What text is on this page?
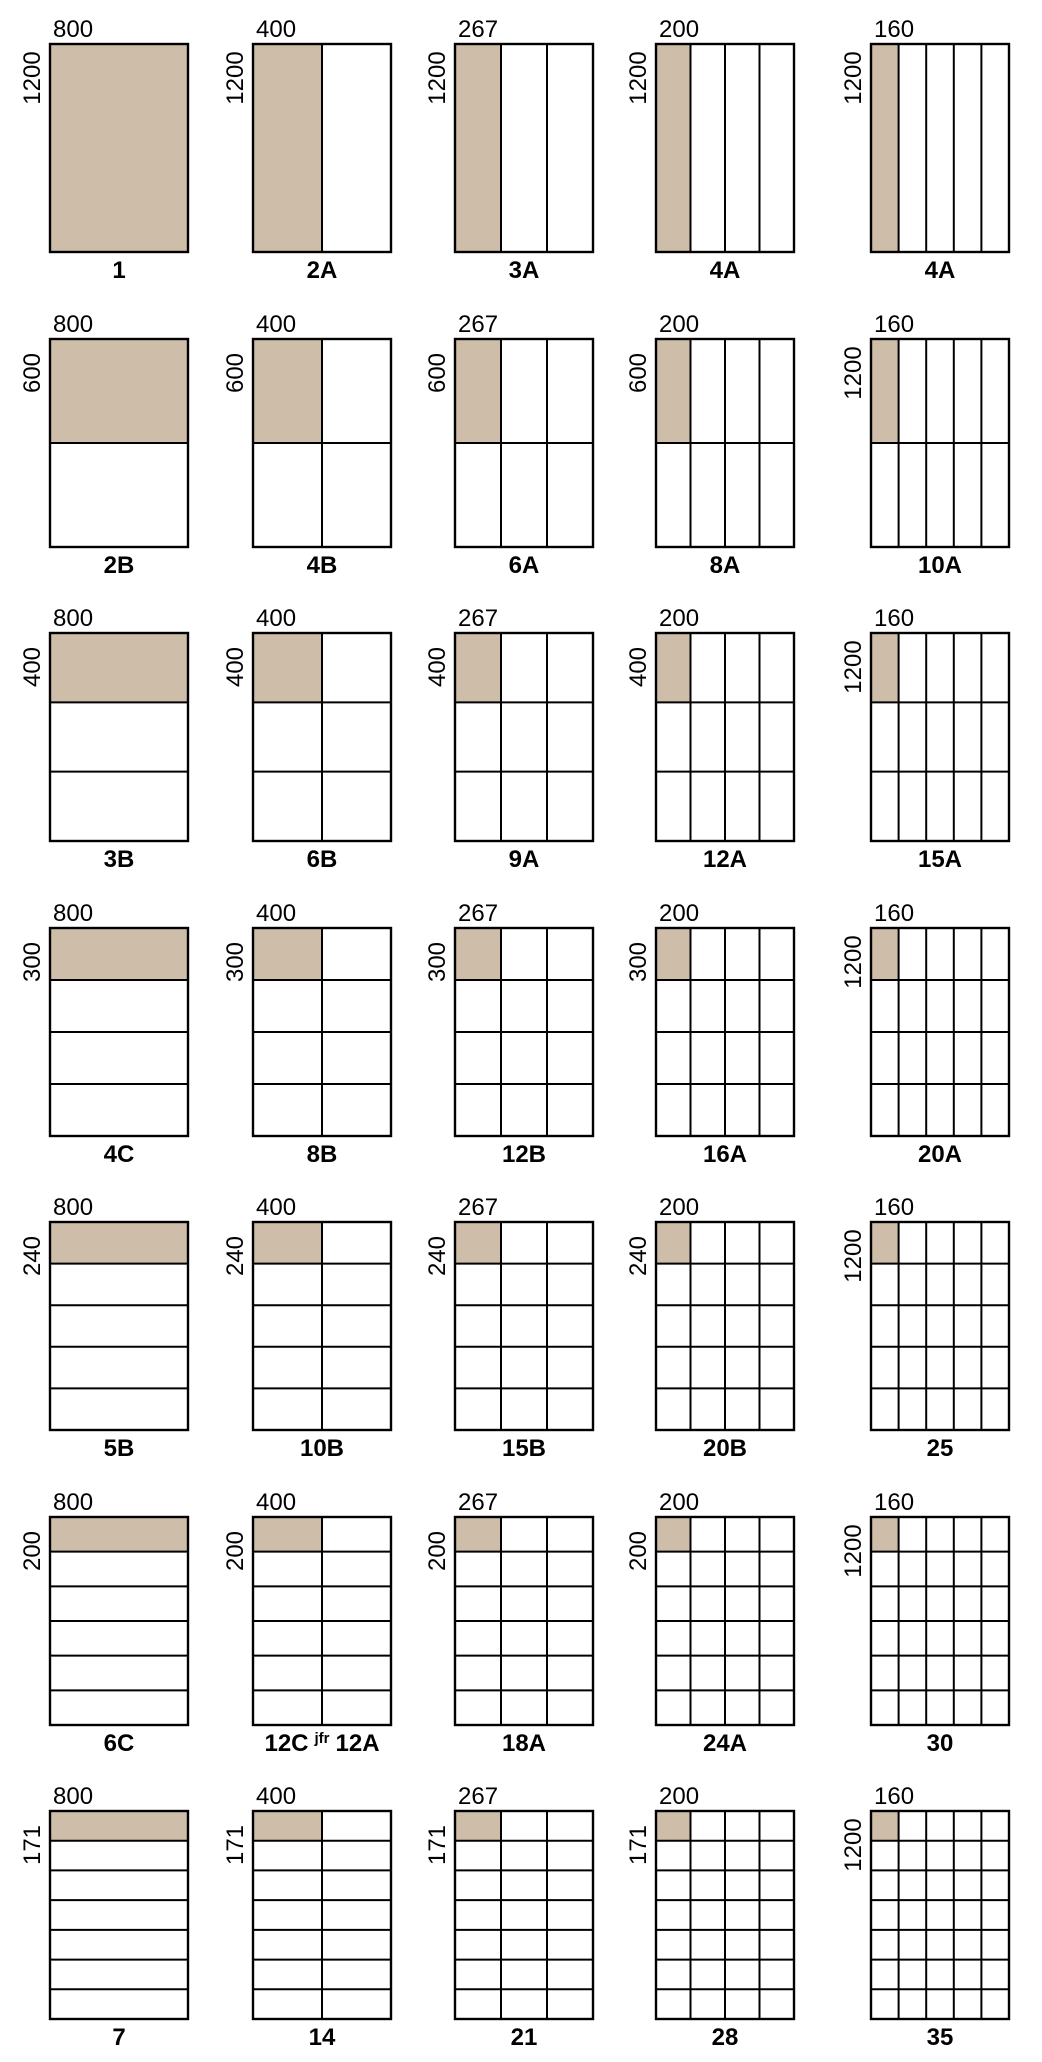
800
1200
1
400
1200
2A
267
1200
3A
200
1200
4A
160
1200
4A
800
600
2B
400
600
4B
267
600
6A
200
600
8A
160
1200
10A
800
400
3B
400
400
6B
267
400
9A
200
400
12A
160
1200
15A
800
300
4C
400
300
8B
267
300
12B
200
300
16A
160
1200
20A
800
240
5B
400
240
10B
267
240
15B
200
240
20B
160
1200
25
800
200
6C
400
200
12C $^{jfr}$ 12A
267
200
18A
200
200
24A
160
1200
30
800
171
7
400
171
14
267
171
21
200
171
28
160
1200
35
